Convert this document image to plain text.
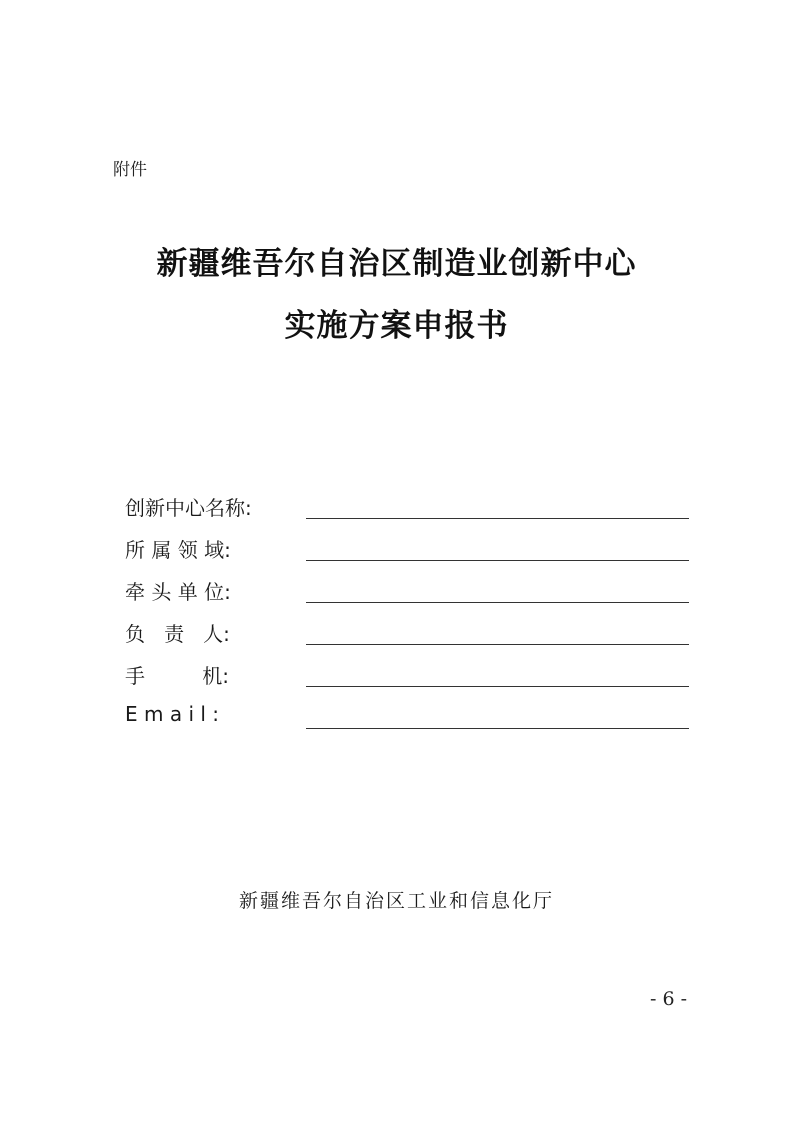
附件
新疆维吾尔自治区制造业创新中心
实施方案申报书
创新中心名称:
所 属 领 域:
牵 头 单 位:
负   责   人:
手         机:
E m a i l :
新疆维吾尔自治区工业和信息化厅
- 6 -
